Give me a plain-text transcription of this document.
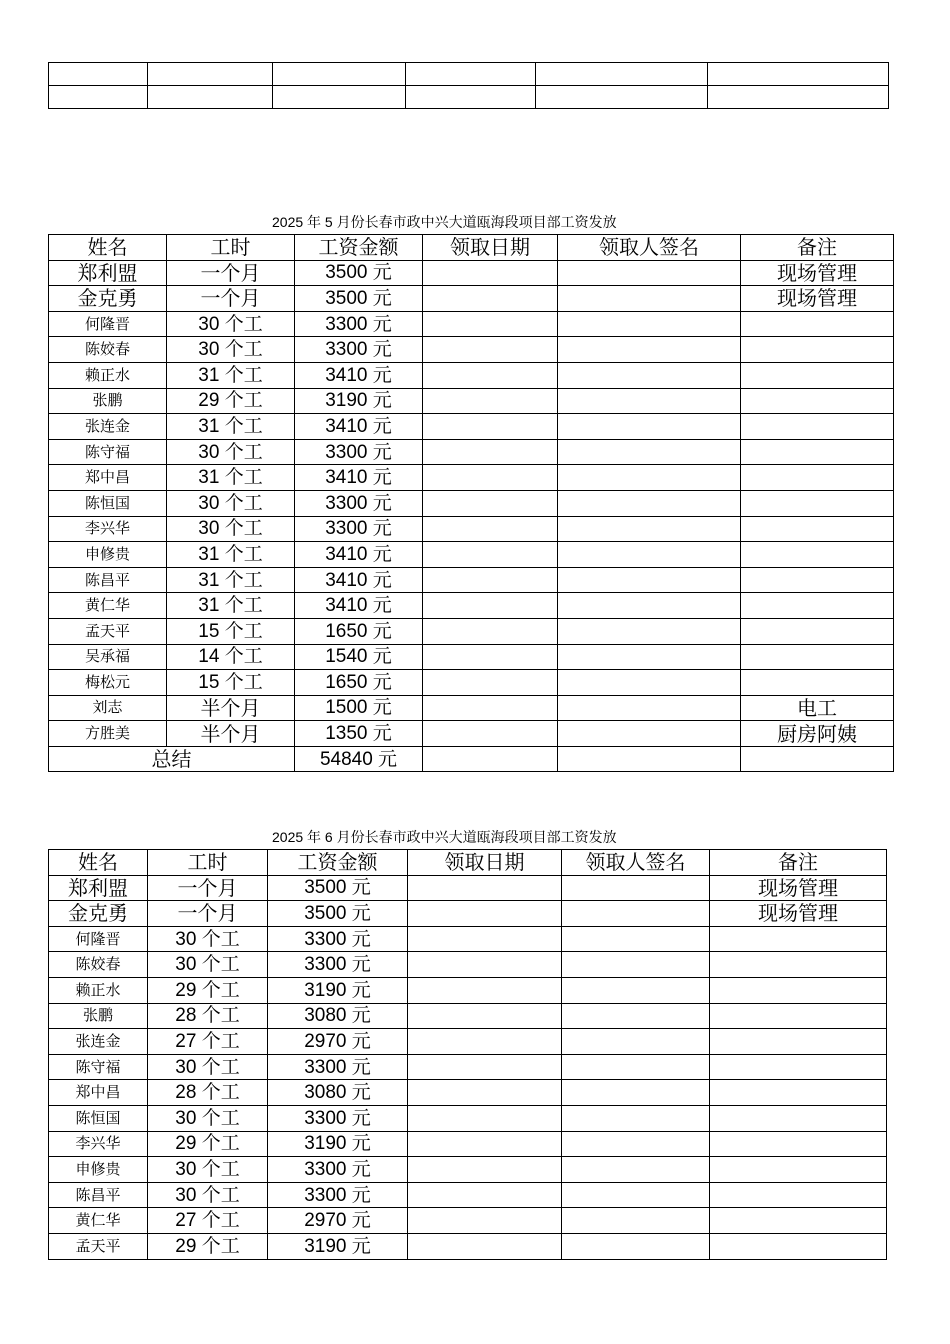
2025 年 5 月份长春市政中兴大道瓯海段项目部工资发放
姓名	工时	工资金额	领取日期	领取人签名	备注
郑利盟	一个月	3500 元			现场管理
金克勇	一个月	3500 元			现场管理
何隆晋	30 个工	3300 元			
陈姣春	30 个工	3300 元			
赖正水	31 个工	3410 元			
张鹏	29 个工	3190 元			
张连金	31 个工	3410 元			
陈守福	30 个工	3300 元			
郑中昌	31 个工	3410 元			
陈恒国	30 个工	3300 元			
李兴华	30 个工	3300 元			
申修贵	31 个工	3410 元			
陈昌平	31 个工	3410 元			
黄仁华	31 个工	3410 元			
孟天平	15 个工	1650 元			
吴承福	14 个工	1540 元			
梅松元	15 个工	1650 元			
刘志	半个月	1500 元			电工
方胜美	半个月	1350 元			厨房阿姨
总结		54840 元			
2025 年 6 月份长春市政中兴大道瓯海段项目部工资发放
姓名	工时	工资金额	领取日期	领取人签名	备注
郑利盟	一个月	3500 元			现场管理
金克勇	一个月	3500 元			现场管理
何隆晋	30 个工	3300 元			
陈姣春	30 个工	3300 元			
赖正水	29 个工	3190 元			
张鹏	28 个工	3080 元			
张连金	27 个工	2970 元			
陈守福	30 个工	3300 元			
郑中昌	28 个工	3080 元			
陈恒国	30 个工	3300 元			
李兴华	29 个工	3190 元			
申修贵	30 个工	3300 元			
陈昌平	30 个工	3300 元			
黄仁华	27 个工	2970 元			
孟天平	29 个工	3190 元			
